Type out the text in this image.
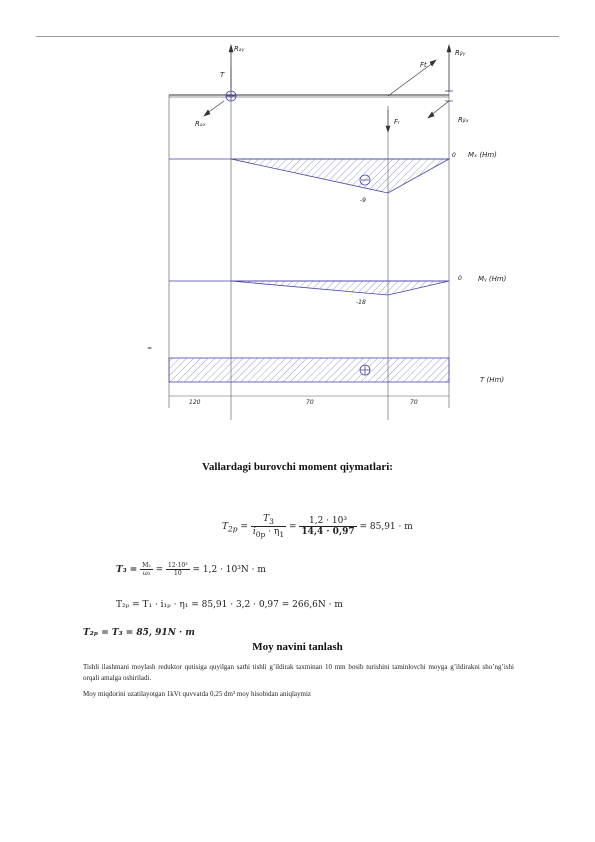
Rₐᵧ	Rᵦᵧ
Ft
T
Rₐₓ	Rᵦₓ
Fᵣ
0 Mₓ (Hm)
-9
0 Mᵧ (Hm)
-18
≈
T (Hm)
120	70	70
Vallardagi burovchi moment qiymatlari:
$T_{2p} = \frac{T_3}{i_{0p} \cdot \eta_1} = \frac{\text{1,2 · 10³}}{14,4 \cdot 0,97} = 85,91 \cdot m$
$T_3 = \frac{\text{M₂}}{\text{ω₃}} = \frac{\text{12·10³}}{10} = 1,2 \cdot 10^3N \cdot m$
T₂ₚ = T₁ · i₁ₚ · η₁ = 85,91 · 3,2 · 0,97 = 266,6N · m
T₂ₚ = T₃ = 85, 91N · m
Moy navini tanlash
Tishli ilashmani moylash reduktor qutisiga quyilgan sathi tishli g’ildirak taxminan 10 mm bosib turishini taminlovchi moyga g’ildirakni sho’ng’ishi orqali amalga oshiriladi.
Moy miqdorini uzatilayotgan 1kVt quvvatda 0,25 dm³ moy hisobidan aniqlaymiz
